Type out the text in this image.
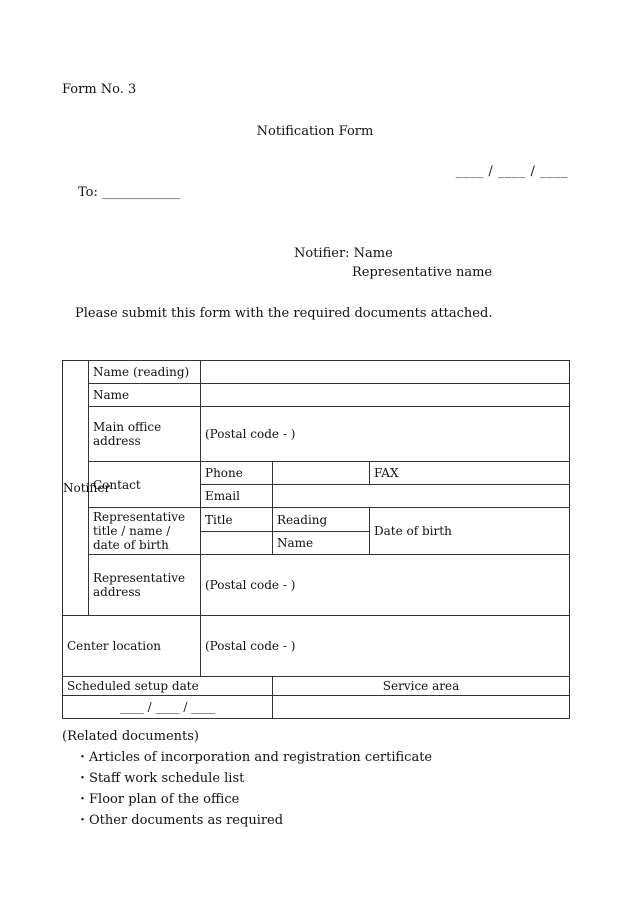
Form No. 3
Notification Form
____ / ____ / ____
To: ____________
Notifier: Name
Representative name
Please submit this form with the required documents attached.
Notifier	Name (reading)			
	Name			
	Main office address	(Postal code - )		
	Contact	Phone		FAX
		Email		
	Representative title / name / date of birth	Title	Reading	Date of birth
			Name	
	Representative address	(Postal code - )		
Center location		(Postal code - )		
Scheduled setup date			Service area	
____ / ____ / ____				
(Related documents)
・ Articles of incorporation and registration certificate
・ Staff work schedule list
・ Floor plan of the office
・ Other documents as required
